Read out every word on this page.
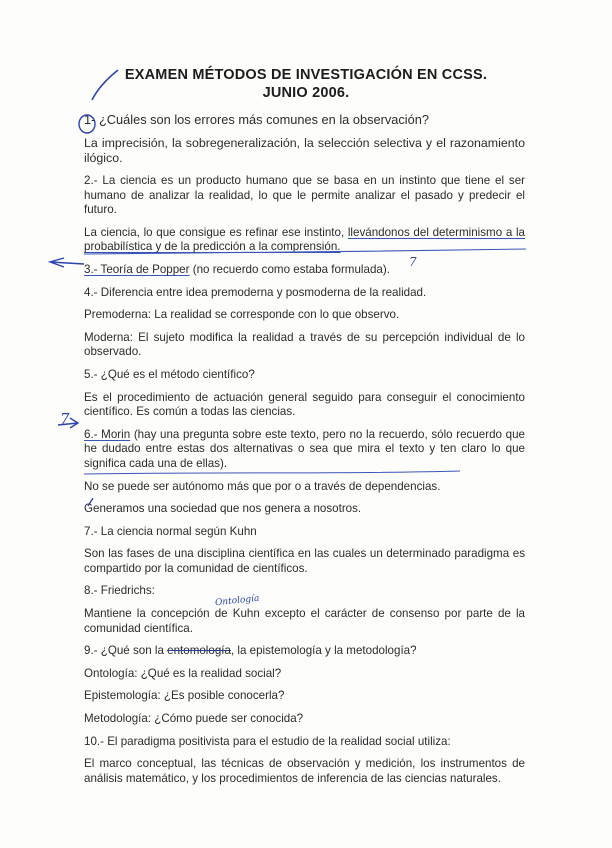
EXAMEN MÉTODOS DE INVESTIGACIÓN EN CCSS.
JUNIO 2006.

1- ¿Cuáles son los errores más comunes en la observación?

La imprecisión, la sobregeneralización, la selección selectiva y el razonamiento ilógico.

2.- La ciencia es un producto humano que se basa en un instinto que tiene el ser humano de analizar la realidad, lo que le permite analizar el pasado y predecir el futuro.

La ciencia, lo que consigue es refinar ese instinto, llevándonos del determinismo a la probabilística y de la predicción a la comprensión.

3.- Teoría de Popper (no recuerdo como estaba formulada).

4.- Diferencia entre idea premoderna y posmoderna de la realidad.

Premoderna: La realidad se corresponde con lo que observo.

Moderna: El sujeto modifica la realidad a través de su percepción individual de lo observado.

5.- ¿Qué es el método científico?

Es el procedimiento de actuación general seguido para conseguir el conocimiento científico. Es común a todas las ciencias.

6.- Morin (hay una pregunta sobre este texto, pero no la recuerdo, sólo recuerdo que he dudado entre estas dos alternativas o sea que mira el texto y ten claro lo que significa cada una de ellas).

No se puede ser autónomo más que por o a través de dependencias.

Generamos una sociedad que nos genera a nosotros.

7.- La ciencia normal según Kuhn

Son las fases de una disciplina científica en las cuales un determinado paradigma es compartido por la comunidad de científicos.

8.- Friedrichs:

Mantiene la concepción de Kuhn excepto el carácter de consenso por parte de la comunidad científica.

9.- ¿Qué son la entomología, la epistemología y la metodología?

Ontología: ¿Qué es la realidad social?

Epistemología: ¿Es posible conocerla?

Metodología: ¿Cómo puede ser conocida?

10.- El paradigma positivista para el estudio de la realidad social utiliza:

El marco conceptual, las técnicas de observación y medición, los instrumentos de análisis matemático, y los procedimientos de inferencia de las ciencias naturales.

7
7
Ontología
